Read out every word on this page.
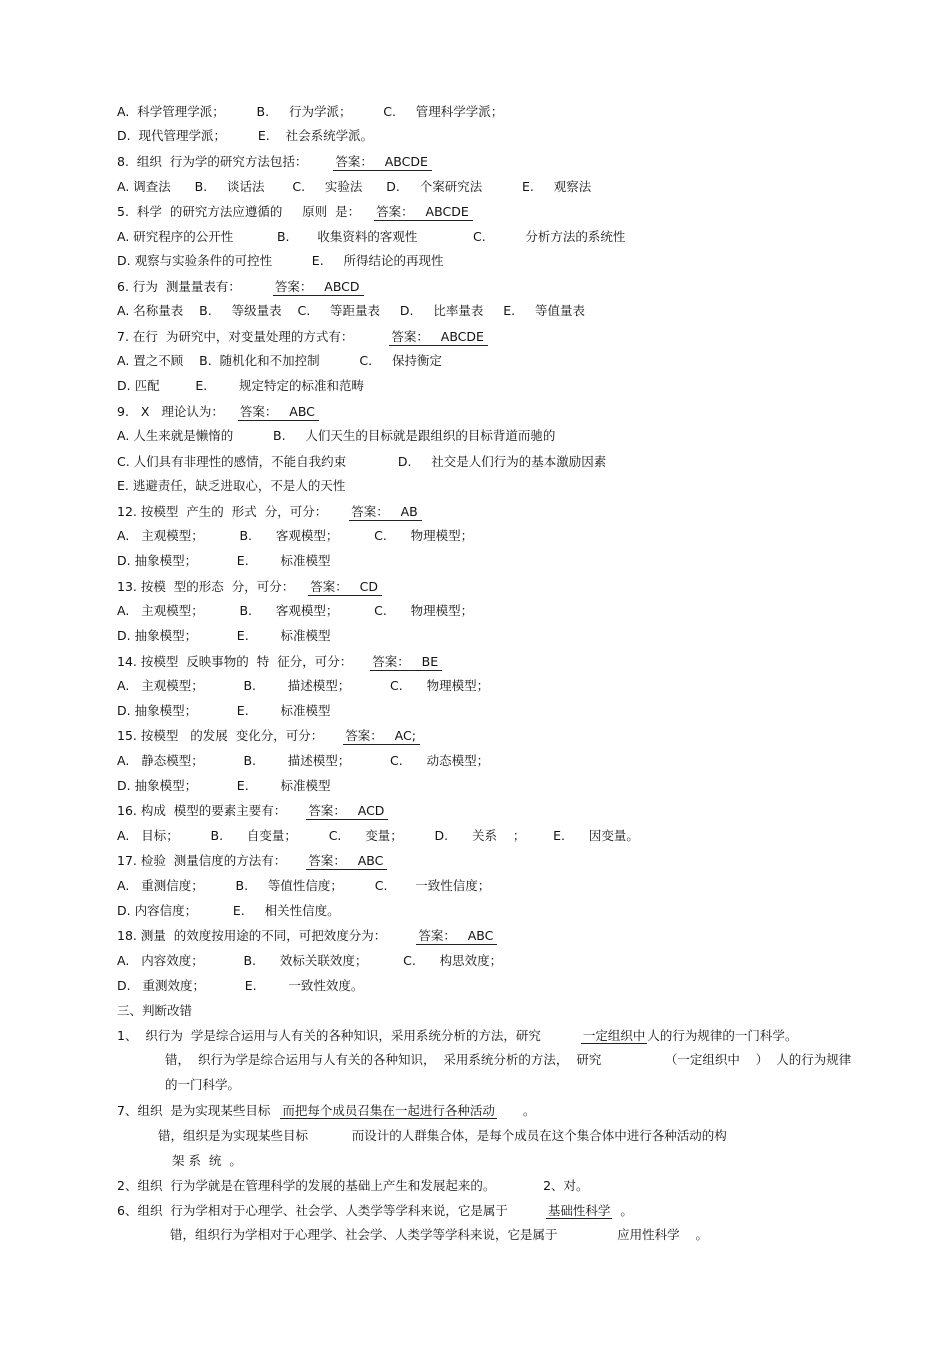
A.  科学管理学派；        B.     行为学派；        C.     管理科学学派；
D.  现代管理学派；        E.    社会系统学派。
8.  组织  行为学的研究方法包括： 答案：   ABCDE
A. 调查法      B.     谈话法       C.     实验法      D.     个案研究法          E.     观察法
5.  科学  的研究方法应遵循的     原则  是： 答案：   ABCDE
A. 研究程序的公开性           B.       收集资料的客观性              C.          分析方法的系统性
D. 观察与实验条件的可控性          E.     所得结论的再现性
6. 行为  测量量表有：	答案：   ABCD
A. 名称量表    B.     等级量表    C.     等距量表     D.     比率量表     E.     等值量表
7. 在行  为研究中，对变量处理的方式有：	答案：   ABCDE
A. 置之不顾    B.  随机化和不加控制          C.     保持衡定
D. 匹配         E.        规定特定的标准和范畴
9.   X   理论认为： 答案：   ABC
A. 人生来就是懒惰的          B.     人们天生的目标就是跟组织的目标背道而驰的
C. 人们具有非理性的感情，不能自我约束             D.     社交是人们行为的基本激励因素
E. 逃避责任，缺乏进取心，不是人的天性
12. 按模型  产生的  形式  分，可分： 答案：   AB
A.   主观模型；         B.      客观模型；         C.      物理模型；
D. 抽象模型；          E.        标准模型
13. 按模  型的形态  分，可分： 答案：   CD
A.   主观模型；         B.      客观模型；         C.      物理模型；
D. 抽象模型；          E.        标准模型
14. 按模型  反映事物的  特  征分，可分： 答案：   BE
A.   主观模型；          B.        描述模型；          C.      物理模型；
D. 抽象模型；          E.        标准模型
15. 按模型   的发展  变化分，可分： 答案：   AC;
A.   静态模型；          B.        描述模型；          C.      动态模型；
D. 抽象模型；          E.        标准模型
16. 构成  模型的要素主要有： 答案：   ACD
A.   目标；        B.      自变量；        C.      变量；        D.      关系    ；       E.      因变量。
17. 检验  测量信度的方法有： 答案：   ABC
A.   重测信度；        B.     等值性信度；        C.       一致性信度；
D. 内容信度；         E.     相关性信度。
18. 测量  的效度按用途的不同，可把效度分为：	答案：   ABC
A.   内容效度；          B.      效标关联效度；         C.      构思效度；
D.   重测效度；          E.        一致性效度。
三、判断改错
1、  织行为  学是综合运用与人有关的各种知识，采用系统分析的方法，研究	一定组织中 人的行为规律的一门科学。
错，  织行为学是综合运用与人有关的各种知识，  采用系统分析的方法，  研究                （一定组织中    ）  人的行为规律
的一门科学。
7、组织  是为实现某些目标 而把每个成员召集在一起进行各种活动  。
错，组织是为实现某些目标           而设计的人群集合体，是每个成员在这个集合体中进行各种活动的构
架 系  统  。
2、组织  行为学就是在管理科学的发展的基础上产生和发展起来的。            2、对。
6、组织  行为学相对于心理学、社会学、人类学等学科来说，它是属于	基础性科学  。
错，组织行为学相对于心理学、社会学、人类学等学科来说，它是属于               应用性科学    。
